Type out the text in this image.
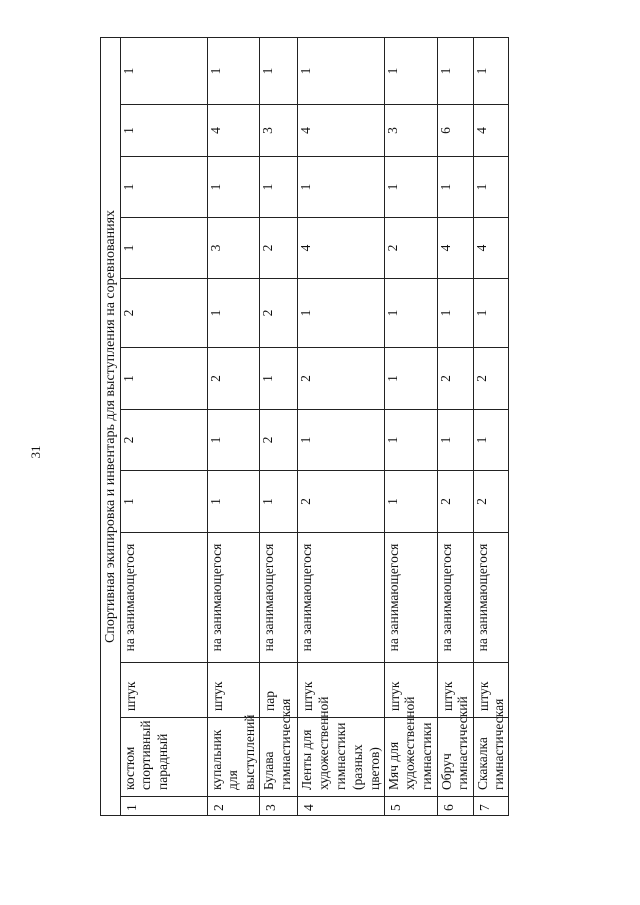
31	Спортивная экипировка и инвентарь для выступления на соревнованиях											
1	костюм спортивный парадный	штук	на занимающегося	1	2	1	2	1	1	1	1
2	купальник для выступлений	штук	на занимающегося	1	1	2	1	3	1	4	1
3	Булава гимнастическая	пар	на занимающегося	1	2	1	2	2	1	3	1
4	Ленты для художественной гимнастики (разных цветов)	штук	на занимающегося	2	1	2	1	4	1	4	1
5	Мяч для художественной гимнастики	штук	на занимающегося	1	1	1	1	2	1	3	1
6	Обруч гимнастический	штук	на занимающегося	2	1	2	1	4	1	6	1
7	Скакалка гимнастическая	штук	на занимающегося	2	1	2	1	4	1	4	1
